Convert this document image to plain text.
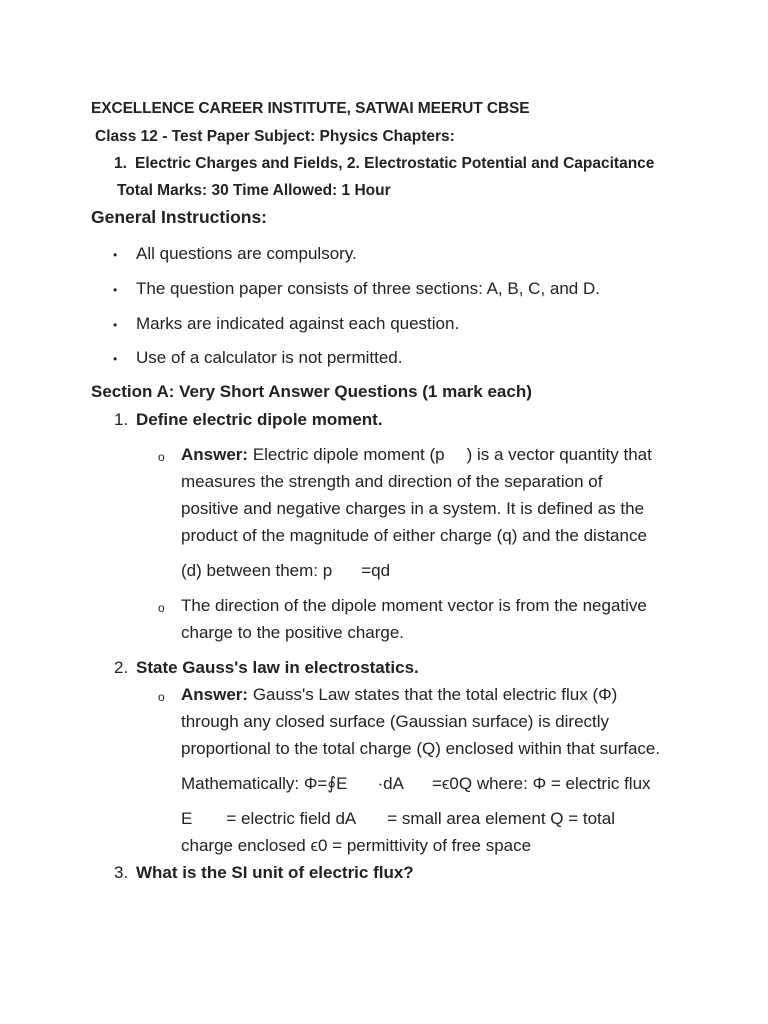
EXCELLENCE CAREER INSTITUTE, SATWAI MEERUT CBSE
Class 12 - Test Paper Subject: Physics Chapters:
1. Electric Charges and Fields, 2. Electrostatic Potential and Capacitance
Total Marks: 30 Time Allowed: 1 Hour
General Instructions:
• All questions are compulsory.
• The question paper consists of three sections: A, B, C, and D.
• Marks are indicated against each question.
• Use of a calculator is not permitted.
Section A: Very Short Answer Questions (1 mark each)
1. Define electric dipole moment.
o Answer: Electric dipole moment (p ) is a vector quantity that
measures the strength and direction of the separation of
positive and negative charges in a system. It is defined as the
product of the magnitude of either charge (q) and the distance
(d) between them: p =qd
o The direction of the dipole moment vector is from the negative
charge to the positive charge.
2. State Gauss's law in electrostatics.
o Answer: Gauss's Law states that the total electric flux (Φ)
through any closed surface (Gaussian surface) is directly
proportional to the total charge (Q) enclosed within that surface.
Mathematically: Φ=∮E ·dA =ϵ0Q where: Φ = electric flux
E = electric field dA = small area element Q = total
charge enclosed ϵ0 = permittivity of free space
3. What is the SI unit of electric flux?
